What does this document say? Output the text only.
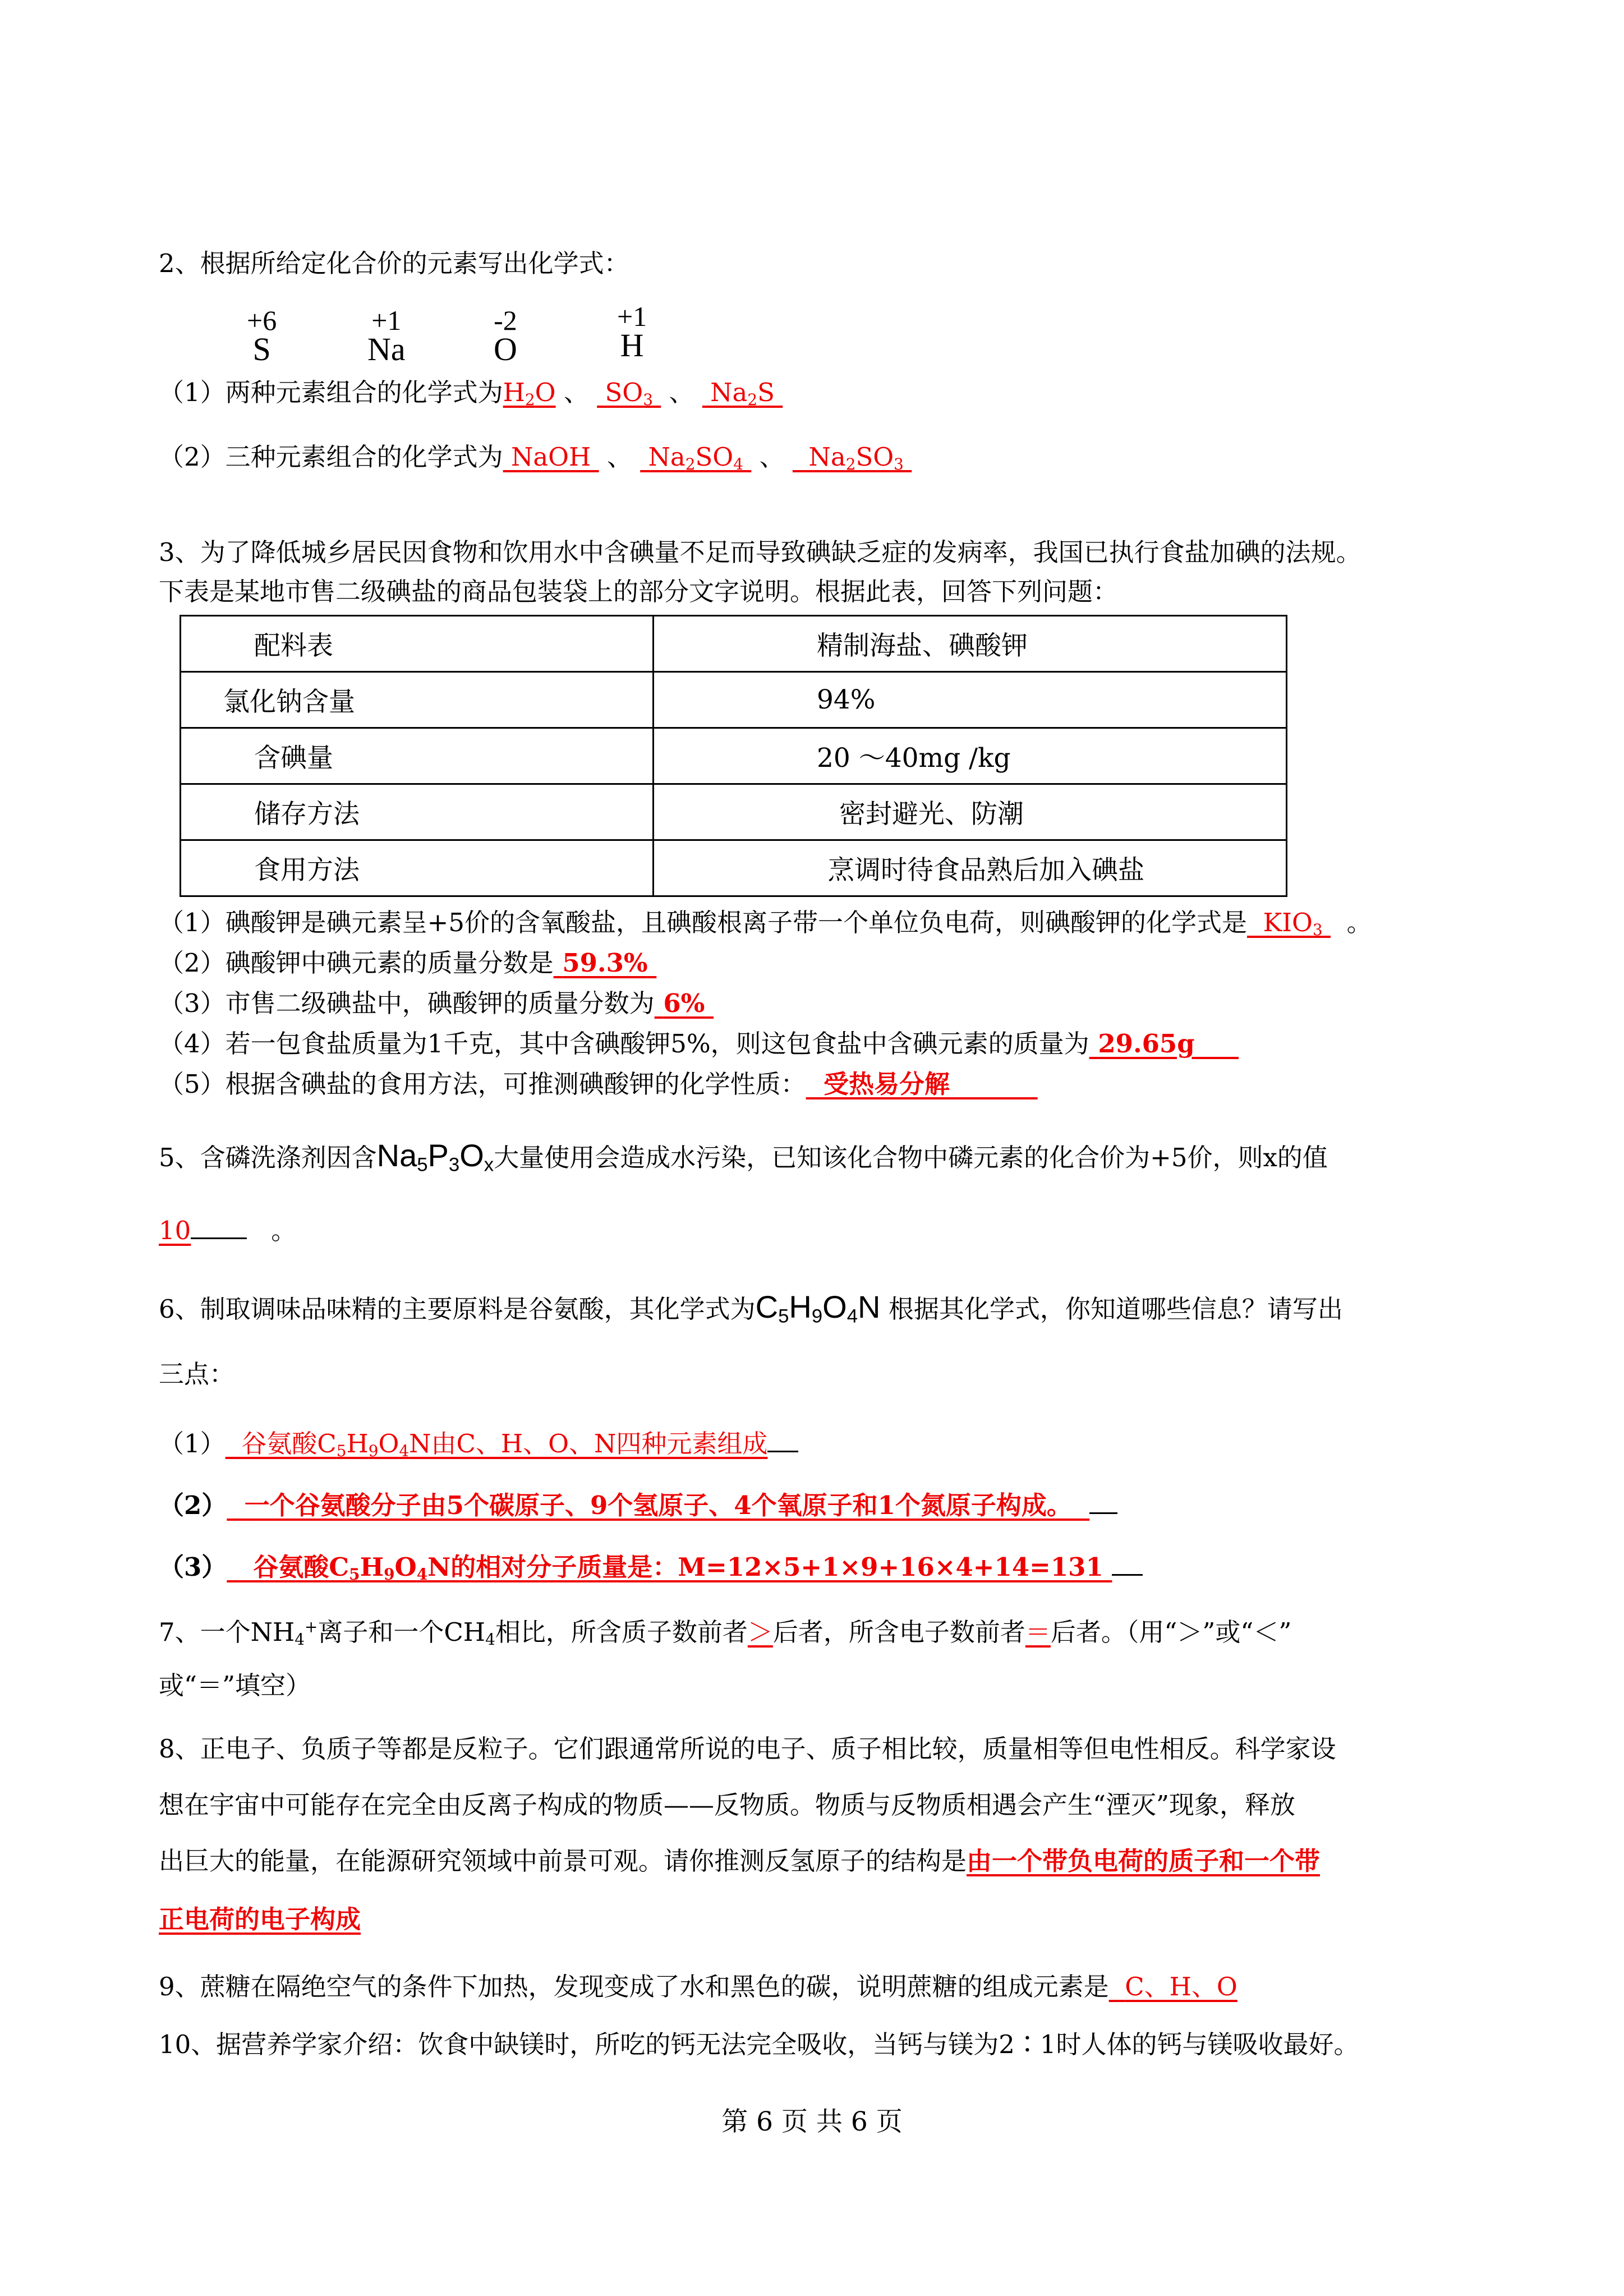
2、根据所给定化合价的元素写出化学式：
+6
S
+1
Na
-2
O
+1
H
（1）两种元素组合的化学式为$H_2O$ 、  $SO_3$  、  $Na_2S$
（2）三种元素组合的化学式为 NaOH  、  $Na_2SO_4$  、   $Na_2SO_3$
3、为了降低城乡居民因食物和饮用水中含碘量不足而导致碘缺乏症的发病率，我国已执行食盐加碘的法规。
下表是某地市售二级碘盐的商品包装袋上的部分文字说明。根据此表，回答下列问题：
配料表	精制海盐、碘酸钾
氯化钠含量	94%
含碘量	20 ～40mg /kg
储存方法	密封避光、防潮
食用方法	烹调时待食品熟后加入碘盐
（1）碘酸钾是碘元素呈+5价的含氧酸盐，且碘酸根离子带一个单位负电荷，则碘酸钾的化学式是  $KIO_3$ 。
（2）碘酸钾中碘元素的质量分数是 59.3%
（3）市售二级碘盐中，碘酸钾的质量分数为 6%
（4）若一包食盐质量为1千克，其中含碘酸钾5%，则这包食盐中含碘元素的质量为 29.65g
（5）根据含碘盐的食用方法，可推测碘酸钾的化学性质： 受热易分解
5、含磷洗涤剂因含$Na_5P_3O_x$大量使用会造成水污染，已知该化合物中磷元素的化合价为+5价，则x的值
10	。
6、制取调味品味精的主要原料是谷氨酸，其化学式为$C_5H_9O_4N$ 根据其化学式，你知道哪些信息？请写出
三点：
（1）  谷氨酸$C_5H_9O_4N$由C、H、O、N四种元素组成
（2） 一个谷氨酸分子由5个碳原子、9个氢原子、4个氧原子和1个氮原子构成。
（3）   谷氨酸$C_5H_9O_4N$的相对分子质量是：M=12×5+1×9+16×4+14=131
7、一个$NH_4^+$离子和一个$CH_4$相比，所含质子数前者＞后者，所含电子数前者＝后者。（用“＞”或“＜”
或“＝”填空）
8、正电子、负质子等都是反粒子。它们跟通常所说的电子、质子相比较，质量相等但电性相反。科学家设
想在宇宙中可能存在完全由反离子构成的物质——反物质。物质与反物质相遇会产生“湮灭”现象，释放
出巨大的能量，在能源研究领域中前景可观。请你推测反氢原子的结构是由一个带负电荷的质子和一个带
正电荷的电子构成
9、蔗糖在隔绝空气的条件下加热，发现变成了水和黑色的碳，说明蔗糖的组成元素是 C、H、O
10、据营养学家介绍：饮食中缺镁时，所吃的钙无法完全吸收，当钙与镁为2∶1时人体的钙与镁吸收最好。
第 6 页 共 6 页
